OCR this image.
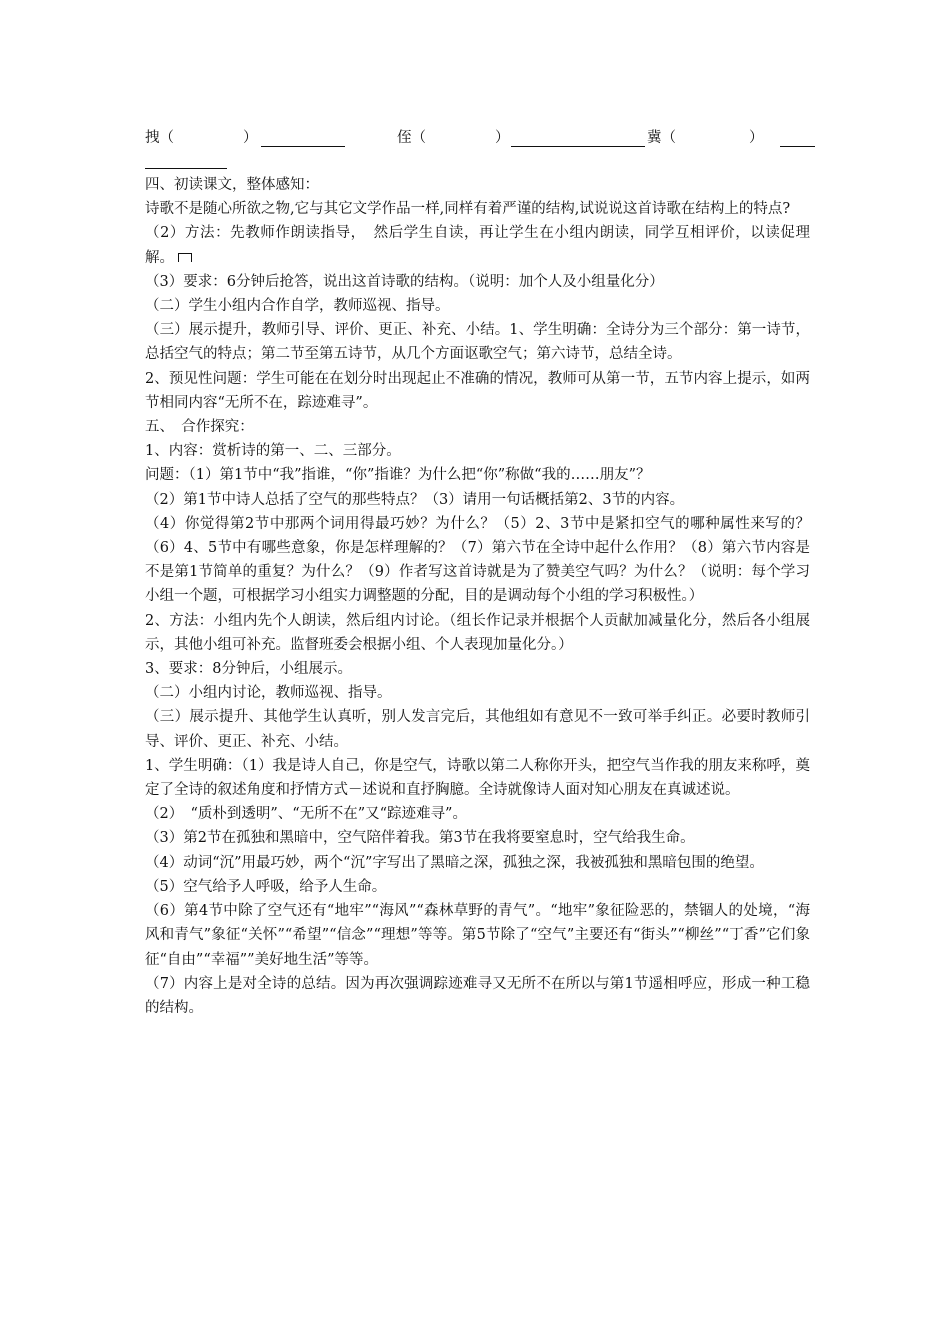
拽（	）	侄（	）	冀（	）

四、初读课文，整体感知：

诗歌不是随心所欲之物,它与其它文学作品一样,同样有着严谨的结构,试说说这首诗歌在结构上的特点?

（2）方法：先教师作朗读指导，　然后学生自读，再让学生在小组内朗读，同学互相评价，以读促理解。

（3）要求：6分钟后抢答，说出这首诗歌的结构。（说明：加个人及小组量化分）

（二）学生小组内合作自学，教师巡视、指导。

（三）展示提升，教师引导、评价、更正、补充、小结。1、学生明确：全诗分为三个部分：第一诗节，总括空气的特点；第二节至第五诗节，从几个方面讴歌空气；第六诗节，总结全诗。

2、预见性问题：学生可能在在划分时出现起止不准确的情况，教师可从第一节，五节内容上提示，如两节相同内容“无所不在，踪迹难寻”。

五、　合作探究：

1、内容：赏析诗的第一、二、三部分。

问题：（1）第1节中“我”指谁，“你”指谁？为什么把“你”称做“我的……朋友”？

（2）第1节中诗人总括了空气的那些特点？（3）请用一句话概括第2、3节的内容。

（4）你觉得第2节中那两个词用得最巧妙？为什么？（5）2、3节中是紧扣空气的哪种属性来写的？（6）4、5节中有哪些意象，你是怎样理解的？（7）第六节在全诗中起什么作用？（8）第六节内容是不是第1节简单的重复？为什么？（9）作者写这首诗就是为了赞美空气吗？为什么？（说明：每个学习小组一个题，可根据学习小组实力调整题的分配，目的是调动每个小组的学习积极性。）

2、方法：小组内先个人朗读，然后组内讨论。（组长作记录并根据个人贡献加减量化分，然后各小组展示，其他小组可补充。监督班委会根据小组、个人表现加量化分。）

3、要求：8分钟后，小组展示。

（二）小组内讨论，教师巡视、指导。

（三）展示提升、其他学生认真听，别人发言完后，其他组如有意见不一致可举手纠正。必要时教师引导、评价、更正、补充、小结。

1、学生明确：（1）我是诗人自己，你是空气，诗歌以第二人称你开头，把空气当作我的朋友来称呼，奠定了全诗的叙述角度和抒情方式－述说和直抒胸臆。全诗就像诗人面对知心朋友在真诚述说。

（2）　“质朴到透明”、“无所不在”又“踪迹难寻”。

（3）第2节在孤独和黑暗中，空气陪伴着我。第3节在我将要窒息时，空气给我生命。

（4）动词“沉”用最巧妙，两个“沉”字写出了黑暗之深，孤独之深，我被孤独和黑暗包围的绝望。

（5）空气给予人呼吸，给予人生命。

（6）第4节中除了空气还有“地牢”“海风”“森林草野的青气”。“地牢”象征险恶的，禁锢人的处境，“海风和青气”象征“关怀”“希望”“信念”“理想”等等。第5节除了“空气”主要还有“街头”“柳丝”“丁香”它们象征“自由”“幸福””美好地生活”等等。

（7）内容上是对全诗的总结。因为再次强调踪迹难寻又无所不在所以与第1节遥相呼应，形成一种工稳的结构。
